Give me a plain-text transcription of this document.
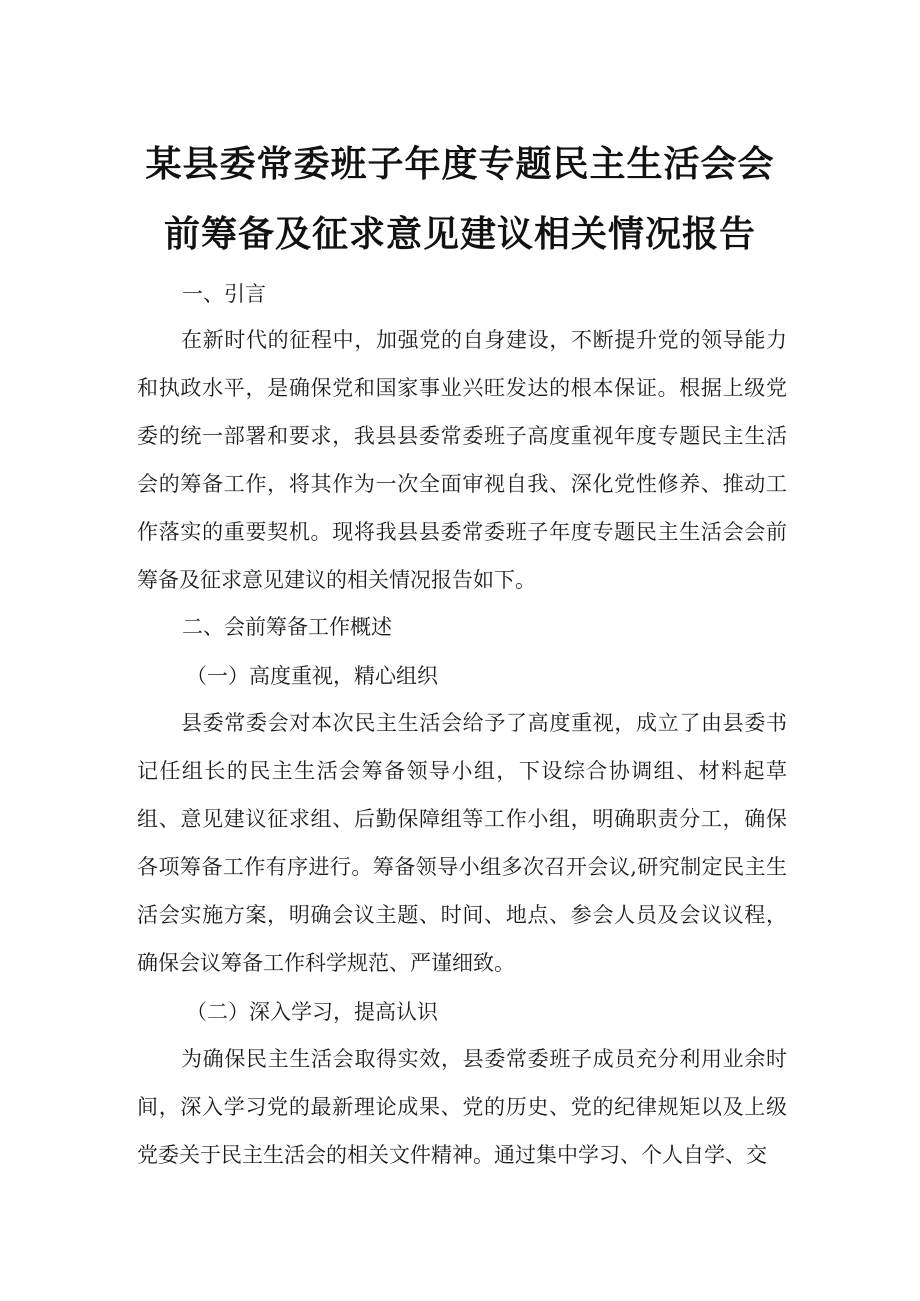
某县委常委班子年度专题民主生活会会
前筹备及征求意见建议相关情况报告
一、引言

在新时代的征程中，加强党的自身建设，不断提升党的领导能力和执政水平，是确保党和国家事业兴旺发达的根本保证。根据上级党委的统一部署和要求，我县县委常委班子高度重视年度专题民主生活会的筹备工作，将其作为一次全面审视自我、深化党性修养、推动工作落实的重要契机。现将我县县委常委班子年度专题民主生活会会前筹备及征求意见建议的相关情况报告如下。

二、会前筹备工作概述
（一）高度重视，精心组织

县委常委会对本次民主生活会给予了高度重视，成立了由县委书记任组长的民主生活会筹备领导小组，下设综合协调组、材料起草组、意见建议征求组、后勤保障组等工作小组，明确职责分工，确保各项筹备工作有序进行。筹备领导小组多次召开会议,研究制定民主生活会实施方案，明确会议主题、时间、地点、参会人员及会议议程，确保会议筹备工作科学规范、严谨细致。

（二）深入学习，提高认识

为确保民主生活会取得实效，县委常委班子成员充分利用业余时间，深入学习党的最新理论成果、党的历史、党的纪律规矩以及上级党委关于民主生活会的相关文件精神。通过集中学习、个人自学、交
